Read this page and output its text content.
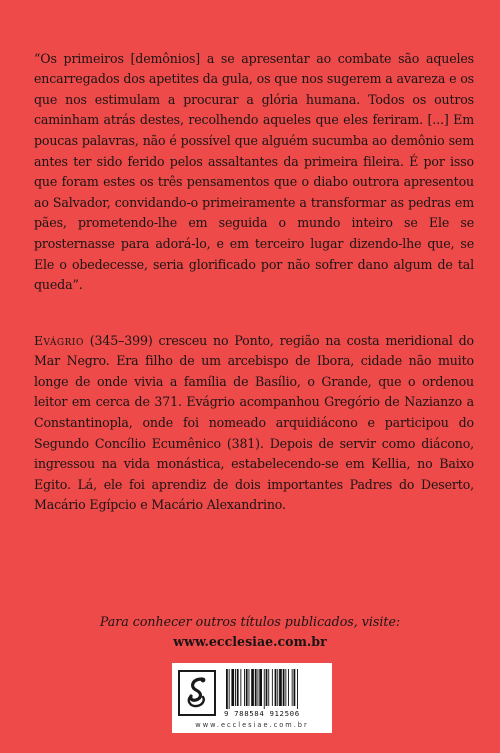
“Os primeiros [demônios] a se apresentar ao combate são aqueles encarregados dos apetites da gula, os que nos sugerem a avareza e os que nos estimulam a procurar a glória humana. Todos os outros caminham atrás destes, recolhendo aqueles que eles feriram. [...] Em poucas palavras, não é possível que alguém sucumba ao demônio sem antes ter sido ferido pelos assaltantes da primeira fileira. É por isso que foram estes os três pensamentos que o diabo outrora apresentou ao Salvador, convidando-o primeiramente a transformar as pedras em pães, prometendo-lhe em seguida o mundo inteiro se Ele se prosternasse para adorá-lo, e em terceiro lugar dizendo-lhe que, se Ele o obedecesse, seria glorificado por não sofrer dano algum de tal queda”.

Evágrio (345–399) cresceu no Ponto, região na costa meridional do Mar Negro. Era filho de um arcebispo de Ibora, cidade não muito longe de onde vivia a família de Basílio, o Grande, que o ordenou leitor em cerca de 371. Evágrio acompanhou Gregório de Nazianzo a Constantinopla, onde foi nomeado arquidiácono e participou do Segundo Concílio Ecumênico (381). Depois de servir como diácono, ingressou na vida monástica, estabelecendo-se em Kellia, no Baixo Egito. Lá, ele foi aprendiz de dois importantes Padres do Deserto, Macário Egípcio e Macário Alexandrino.

Para conhecer outros títulos publicados, visite:
www.ecclesiae.com.br
9 788584 912506
www.ecclesiae.com.br
